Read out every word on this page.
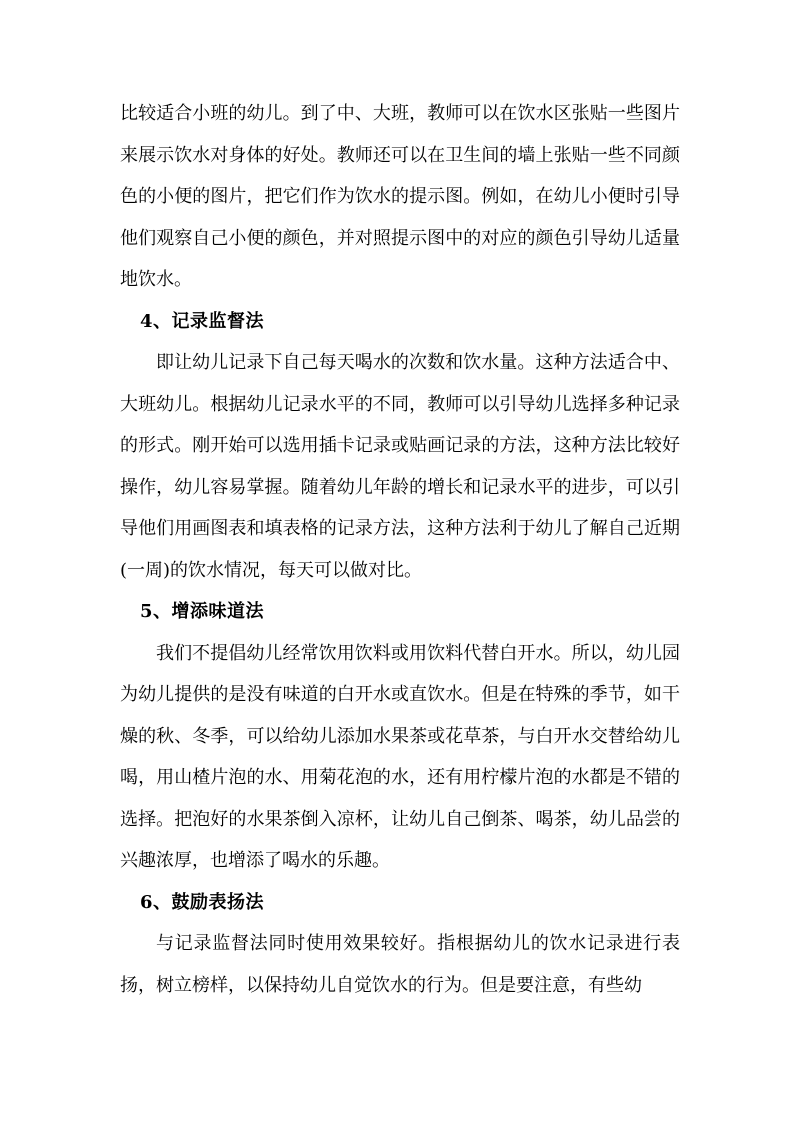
比较适合小班的幼儿。到了中、大班，教师可以在饮水区张贴一些图片来展示饮水对身体的好处。教师还可以在卫生间的墙上张贴一些不同颜色的小便的图片，把它们作为饮水的提示图。例如，在幼儿小便时引导他们观察自己小便的颜色，并对照提示图中的对应的颜色引导幼儿适量地饮水。

4、记录监督法

即让幼儿记录下自己每天喝水的次数和饮水量。这种方法适合中、大班幼儿。根据幼儿记录水平的不同，教师可以引导幼儿选择多种记录的形式。刚开始可以选用插卡记录或贴画记录的方法，这种方法比较好操作，幼儿容易掌握。随着幼儿年龄的增长和记录水平的进步，可以引导他们用画图表和填表格的记录方法，这种方法利于幼儿了解自己近期(一周)的饮水情况，每天可以做对比。

5、增添味道法

我们不提倡幼儿经常饮用饮料或用饮料代替白开水。所以，幼儿园为幼儿提供的是没有味道的白开水或直饮水。但是在特殊的季节，如干燥的秋、冬季，可以给幼儿添加水果茶或花草茶，与白开水交替给幼儿喝，用山楂片泡的水、用菊花泡的水，还有用柠檬片泡的水都是不错的选择。把泡好的水果茶倒入凉杯，让幼儿自己倒茶、喝茶，幼儿品尝的兴趣浓厚，也增添了喝水的乐趣。

6、鼓励表扬法

与记录监督法同时使用效果较好。指根据幼儿的饮水记录进行表扬，树立榜样，以保持幼儿自觉饮水的行为。但是要注意，有些幼
